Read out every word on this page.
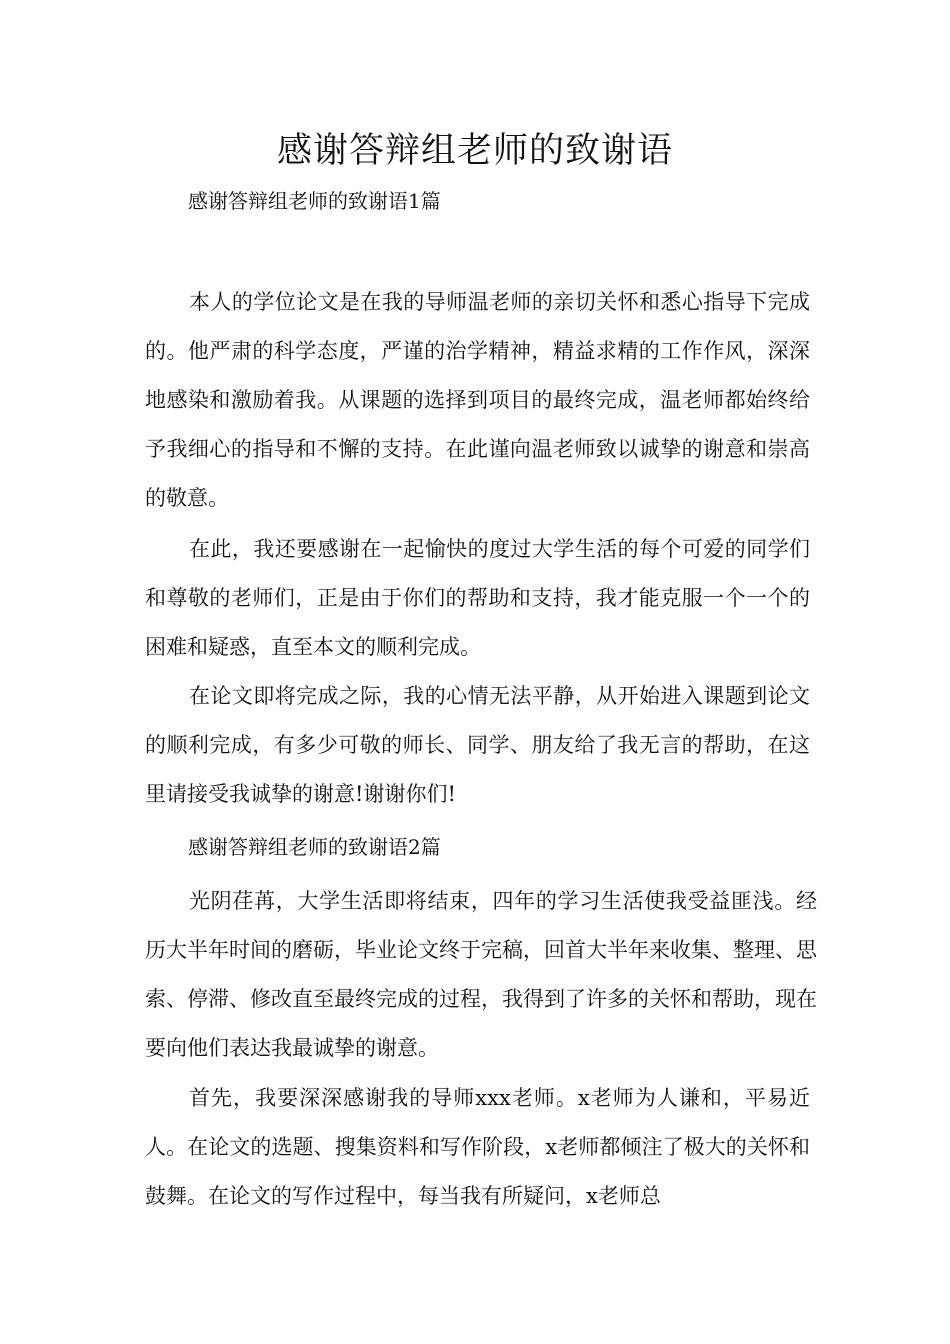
感谢答辩组老师的致谢语

感谢答辩组老师的致谢语1篇

本人的学位论文是在我的导师温老师的亲切关怀和悉心指导下完成的。他严肃的科学态度，严谨的治学精神，精益求精的工作作风，深深地感染和激励着我。从课题的选择到项目的最终完成，温老师都始终给予我细心的指导和不懈的支持。在此谨向温老师致以诚挚的谢意和崇高的敬意。

在此，我还要感谢在一起愉快的度过大学生活的每个可爱的同学们和尊敬的老师们，正是由于你们的帮助和支持，我才能克服一个一个的困难和疑惑，直至本文的顺利完成。

在论文即将完成之际，我的心情无法平静，从开始进入课题到论文的顺利完成，有多少可敬的师长、同学、朋友给了我无言的帮助，在这里请接受我诚挚的谢意!谢谢你们!

感谢答辩组老师的致谢语2篇

光阴荏苒，大学生活即将结束，四年的学习生活使我受益匪浅。经历大半年时间的磨砺，毕业论文终于完稿，回首大半年来收集、整理、思索、停滞、修改直至最终完成的过程，我得到了许多的关怀和帮助，现在要向他们表达我最诚挚的谢意。

首先，我要深深感谢我的导师xxx老师。x老师为人谦和，平易近人。在论文的选题、搜集资料和写作阶段，x老师都倾注了极大的关怀和鼓舞。在论文的写作过程中，每当我有所疑问，x老师总
